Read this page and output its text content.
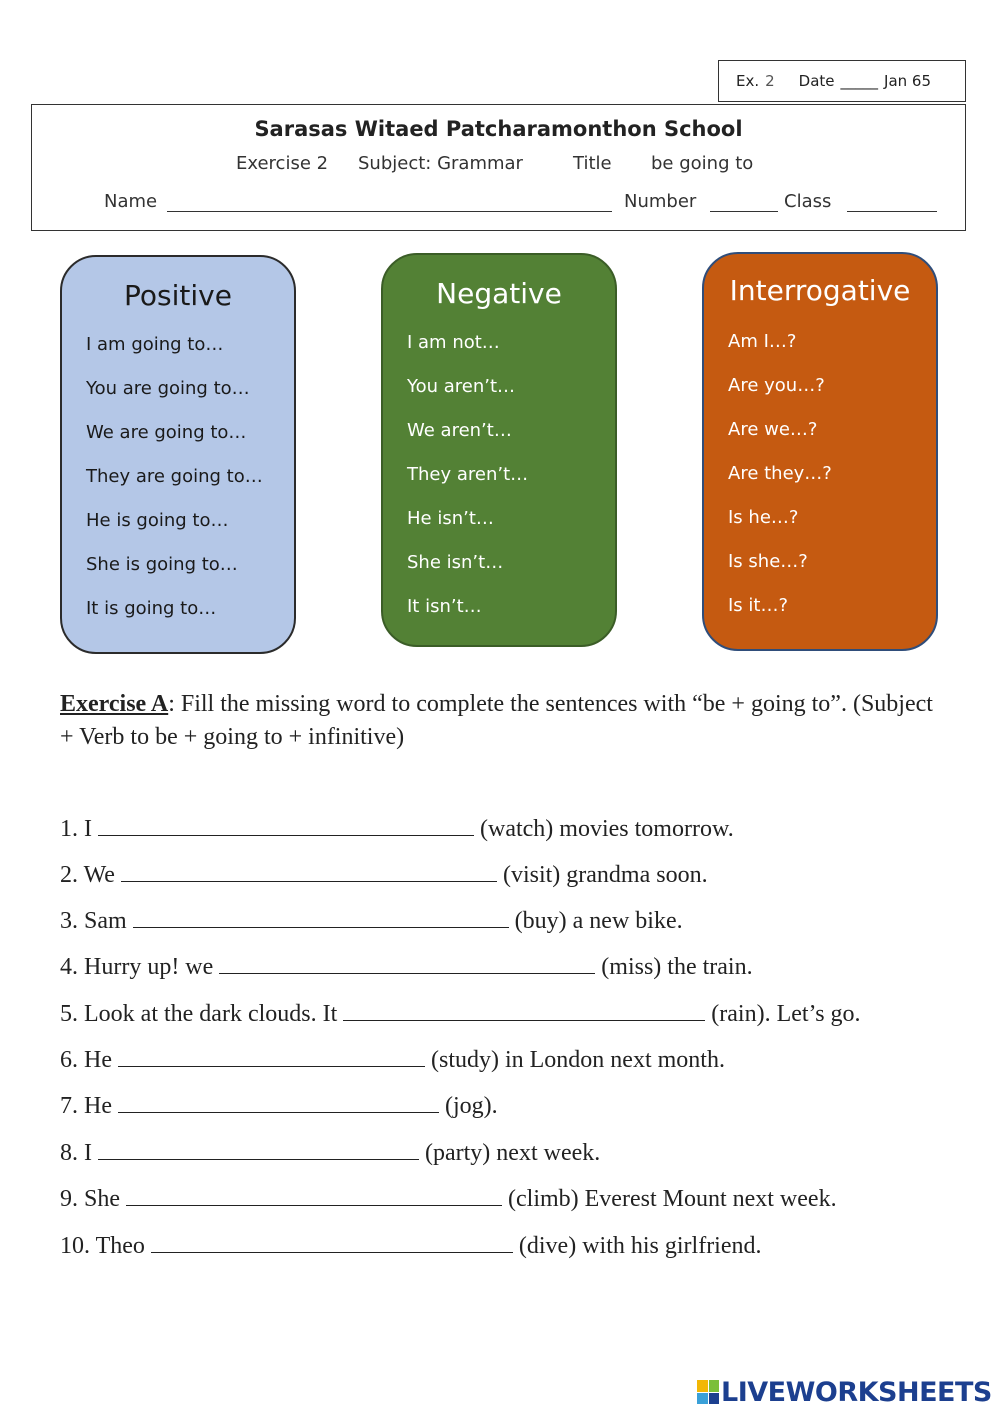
Ex. 2 Date _____ Jan 65
Sarasas Witaed Patcharamonthon School
Exercise 2 Subject: Grammar	Title be going to
Name	Number	Class
Positive
I am going to…
You are going to…
We are going to…
They are going to…
He is going to…
She is going to…
It is going to…
Negative
I am not…
You aren’t…
We aren’t…
They aren’t…
He isn’t…
She isn’t…
It isn’t…
Interrogative
Am I…?
Are you…?
Are we…?
Are they…?
Is he…?
Is she…?
Is it…?
Exercise A: Fill the missing word to complete the sentences with “be + going to”. (Subject + Verb to be + going to + infinitive)
1. I	(watch) movies tomorrow.
2. We	(visit) grandma soon.
3. Sam	(buy) a new bike.
4. Hurry up! we	(miss) the train.
5. Look at the dark clouds. It	(rain). Let’s go.
6. He	(study) in London next month.
7. He	(jog).
8. I	(party) next week.
9. She	(climb) Everest Mount next week.
10. Theo	(dive) with his girlfriend.
LIVEWORKSHEETS
